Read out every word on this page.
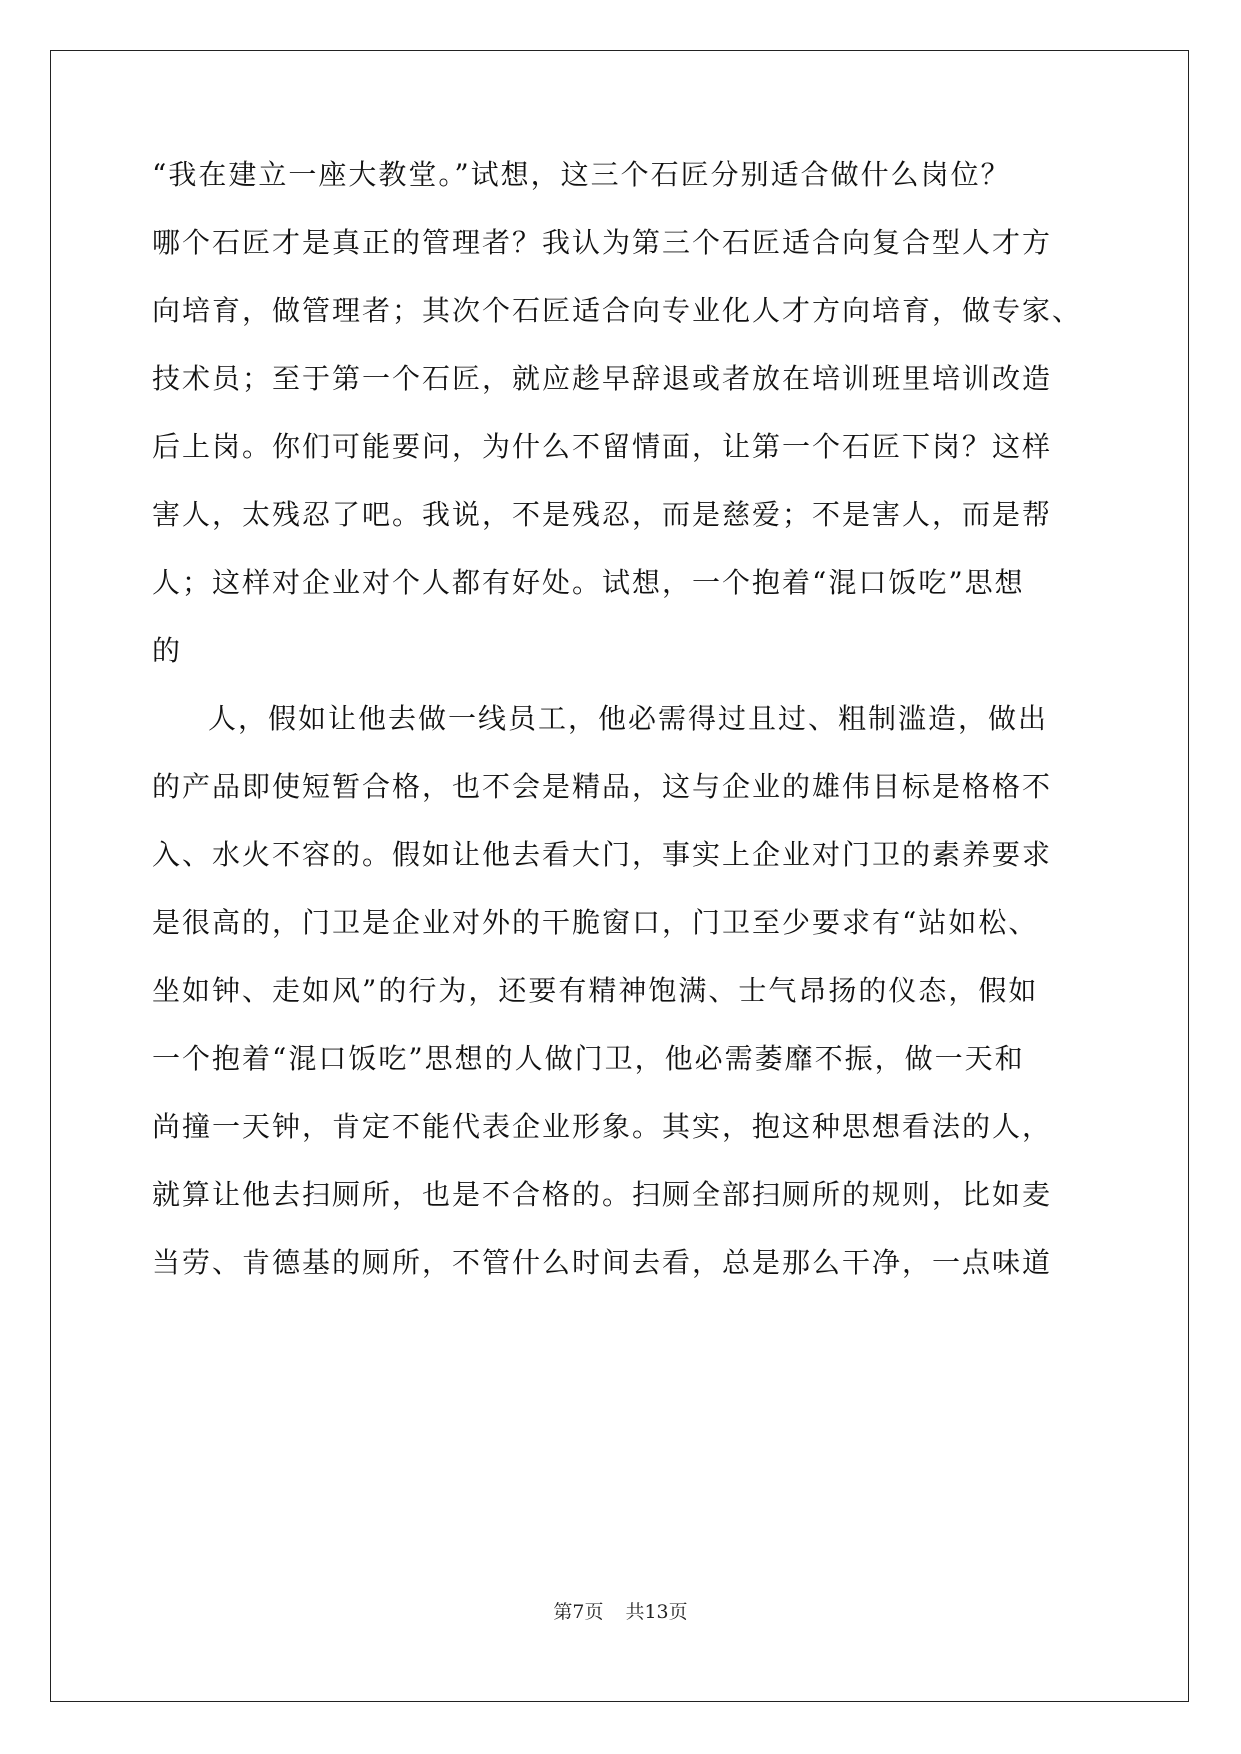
“我在建立一座大教堂。”试想，这三个石匠分别适合做什么岗位？
哪个石匠才是真正的管理者？我认为第三个石匠适合向复合型人才方
向培育，做管理者；其次个石匠适合向专业化人才方向培育，做专家、
技术员；至于第一个石匠，就应趁早辞退或者放在培训班里培训改造
后上岗。你们可能要问，为什么不留情面，让第一个石匠下岗？这样
害人，太残忍了吧。我说，不是残忍，而是慈爱；不是害人，而是帮
人；这样对企业对个人都有好处。试想，一个抱着“混口饭吃”思想
的
人，假如让他去做一线员工，他必需得过且过、粗制滥造，做出
的产品即使短暂合格，也不会是精品，这与企业的雄伟目标是格格不
入、水火不容的。假如让他去看大门，事实上企业对门卫的素养要求
是很高的，门卫是企业对外的干脆窗口，门卫至少要求有“站如松、
坐如钟、走如风”的行为，还要有精神饱满、士气昂扬的仪态，假如
一个抱着“混口饭吃”思想的人做门卫，他必需萎靡不振，做一天和
尚撞一天钟，肯定不能代表企业形象。其实，抱这种思想看法的人，
就算让他去扫厕所，也是不合格的。扫厕全部扫厕所的规则，比如麦
当劳、肯德基的厕所，不管什么时间去看，总是那么干净，一点味道
第7页 共13页
